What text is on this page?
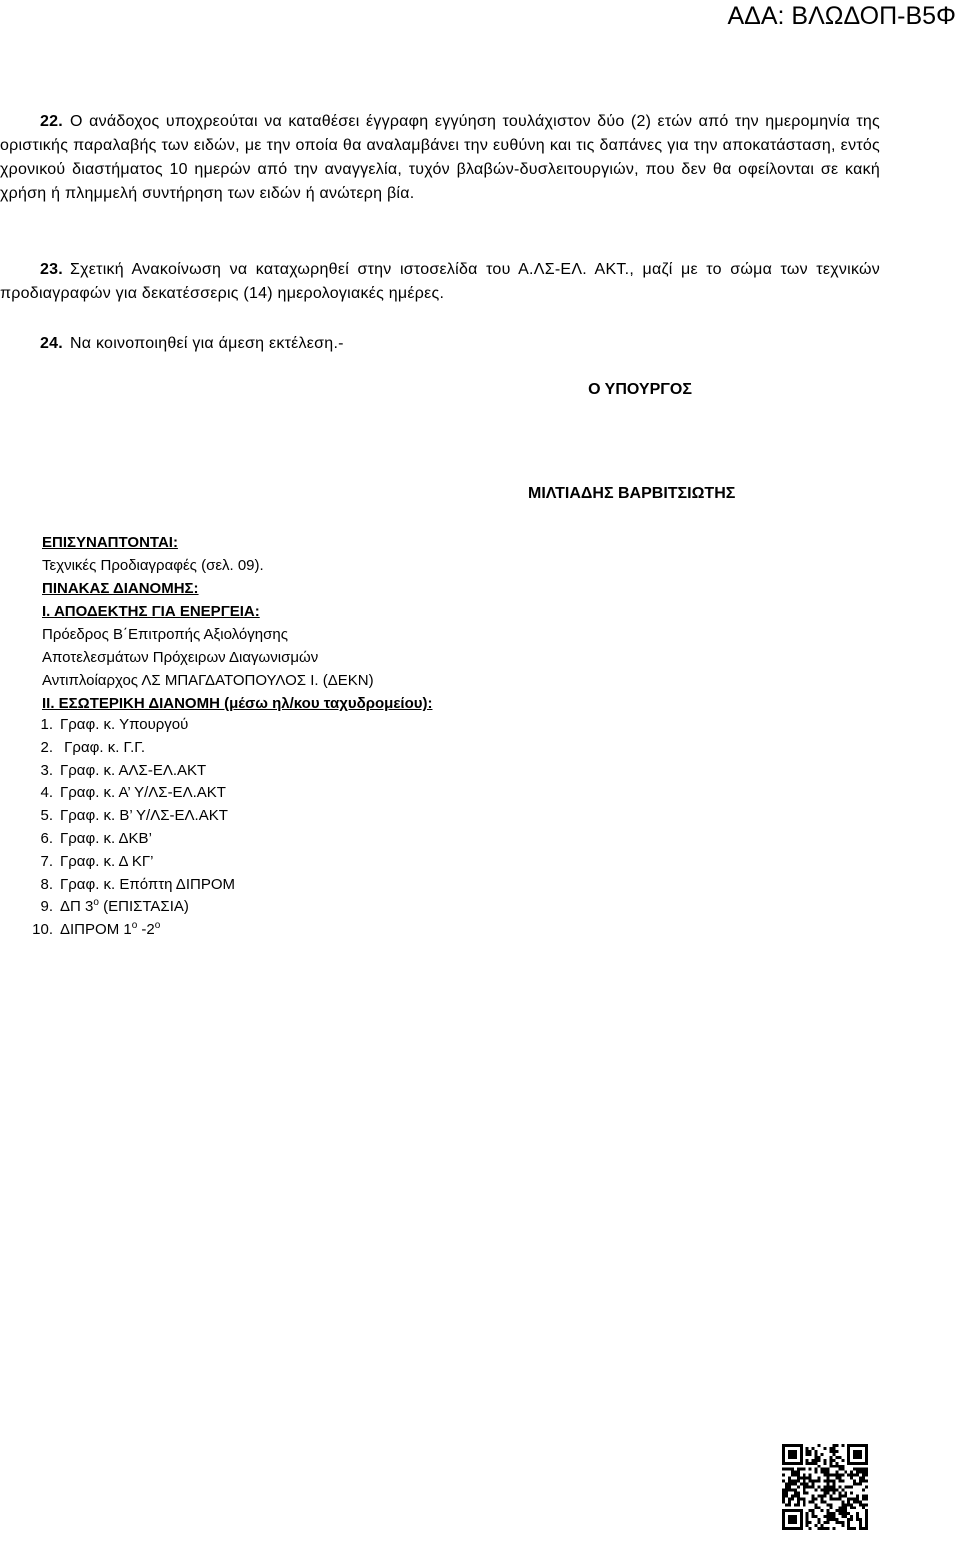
ΑΔΑ: ΒΛΩΔΟΠ-Β5Φ
22. Ο ανάδοχος υποχρεούται να καταθέσει έγγραφη εγγύηση τουλάχιστον δύο (2) ετών από την ημερομηνία της οριστικής παραλαβής των ειδών, με την οποία θα αναλαμβάνει την ευθύνη και τις δαπάνες για την αποκατάσταση, εντός χρονικού διαστήματος 10 ημερών από την αναγγελία, τυχόν βλαβών-δυσλειτουργιών, που δεν θα οφείλονται σε κακή χρήση ή πλημμελή συντήρηση των ειδών ή ανώτερη βία.
23. Σχετική Ανακοίνωση να καταχωρηθεί στην ιστοσελίδα του Α.ΛΣ-ΕΛ. ΑΚΤ., μαζί με το σώμα των τεχνικών προδιαγραφών για δεκατέσσερις (14) ημερολογιακές ημέρες.
24. Να κοινοποιηθεί για άμεση εκτέλεση.-
Ο ΥΠΟΥΡΓΟΣ
ΜΙΛΤΙΑΔΗΣ ΒΑΡΒΙΤΣΙΩΤΗΣ
ΕΠΙΣΥΝΑΠΤΟΝΤΑΙ:
Τεχνικές Προδιαγραφές (σελ. 09).
ΠΙΝΑΚΑΣ ΔΙΑΝΟΜΗΣ:
Ι. ΑΠΟΔΕΚΤΗΣ ΓΙΑ ΕΝΕΡΓΕΙΑ:
Πρόεδρος Β΄Επιτροπής Αξιολόγησης
Αποτελεσμάτων Πρόχειρων Διαγωνισμών
Αντιπλοίαρχος ΛΣ ΜΠΑΓΔΑΤΟΠΟΥΛΟΣ Ι. (ΔΕΚΝ)
ΙΙ. ΕΣΩΤΕΡΙΚΗ ΔΙΑΝΟΜΗ (μέσω ηλ/κου ταχυδρομείου):
1. Γραφ. κ. Υπουργού
2. Γραφ. κ. Γ.Γ.
3. Γραφ. κ. ΑΛΣ-ΕΛ.ΑΚΤ
4. Γραφ. κ. Α’ Υ/ΛΣ-ΕΛ.ΑΚΤ
5. Γραφ. κ. Β’ Υ/ΛΣ-ΕΛ.ΑΚΤ
6. Γραφ. κ. ΔΚΒ’
7. Γραφ. κ. Δ ΚΓ’
8. Γραφ. κ. Επόπτη ΔΙΠΡΟΜ
9. ΔΠ $3^o$ (ΕΠΙΣΤΑΣΙΑ)
10. ΔΙΠΡΟΜ $1^o$ $-2^o$
